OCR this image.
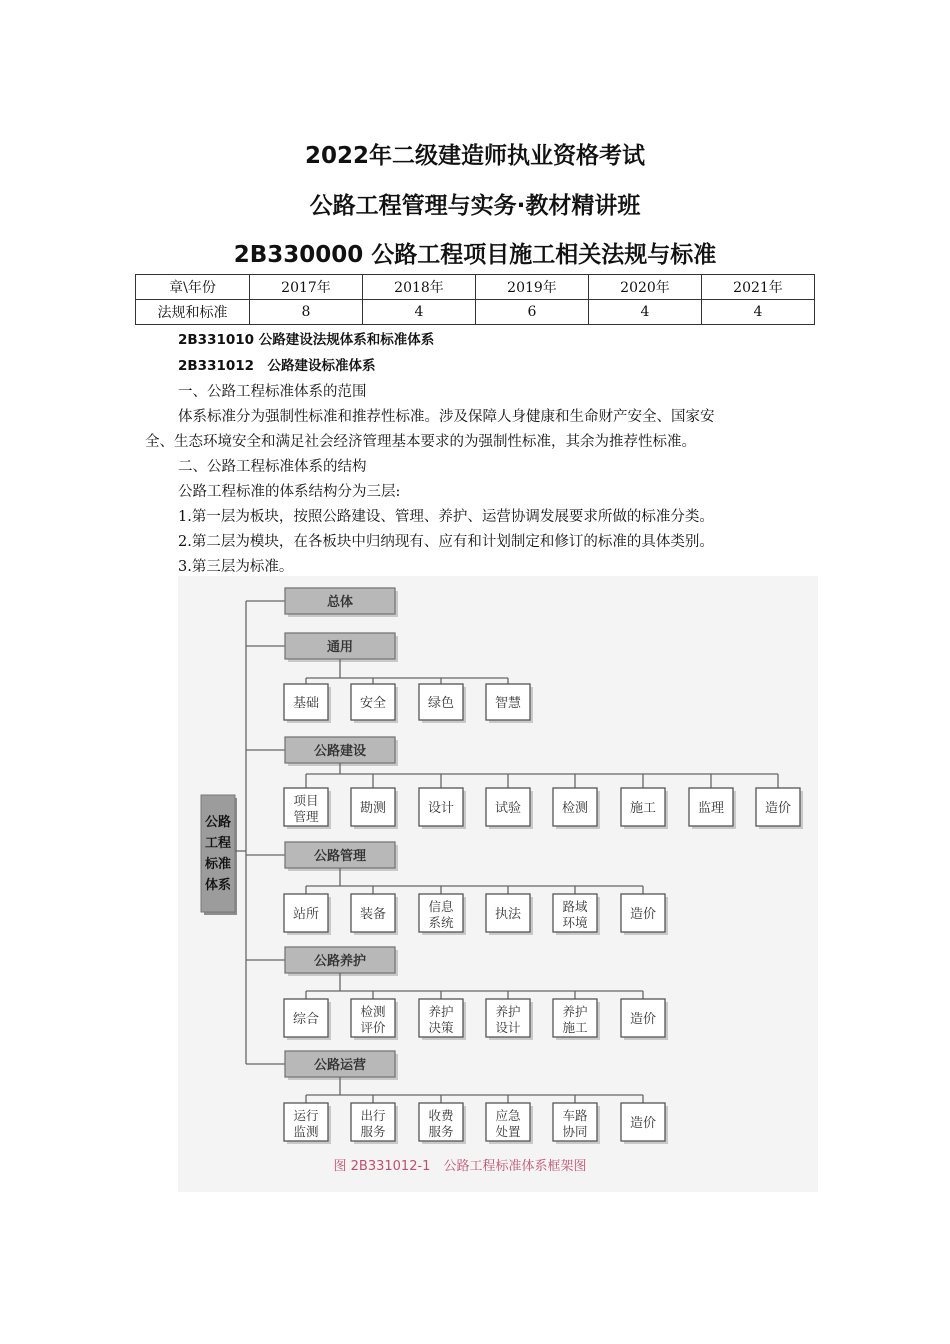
2022年二级建造师执业资格考试
公路工程管理与实务·教材精讲班
2B330000 公路工程项目施工相关法规与标准
章\年份	2017年	2018年	2019年	2020年	2021年
法规和标准	8	4	6	4	4
2B331010 公路建设法规体系和标准体系
2B331012　公路建设标准体系
一、公路工程标准体系的范围
体系标准分为强制性标准和推荐性标准。涉及保障人身健康和生命财产安全、国家安
全、生态环境安全和满足社会经济管理基本要求的为强制性标准，其余为推荐性标准。
二、公路工程标准体系的结构
公路工程标准的体系结构分为三层:
1.第一层为板块，按照公路建设、管理、养护、运营协调发展要求所做的标准分类。
2.第二层为模块，在各板块中归纳现有、应有和计划制定和修订的标准的具体类别。
3.第三层为标准。
公路
工程
标准
体系
总体
通用
基础	安全	绿色	智慧
公路建设
项目
管理
勘测	设计	试验	检测	施工	监理	造价
公路管理
站所	装备
信息
系统
执法
路域
环境
造价
公路养护
综合
检测
评价
养护
决策
养护
设计
养护
施工
造价
公路运营
运行
监测
出行
服务
收费
服务
应急
处置
车路
协同
造价
图 2B331012-1　公路工程标准体系框架图
